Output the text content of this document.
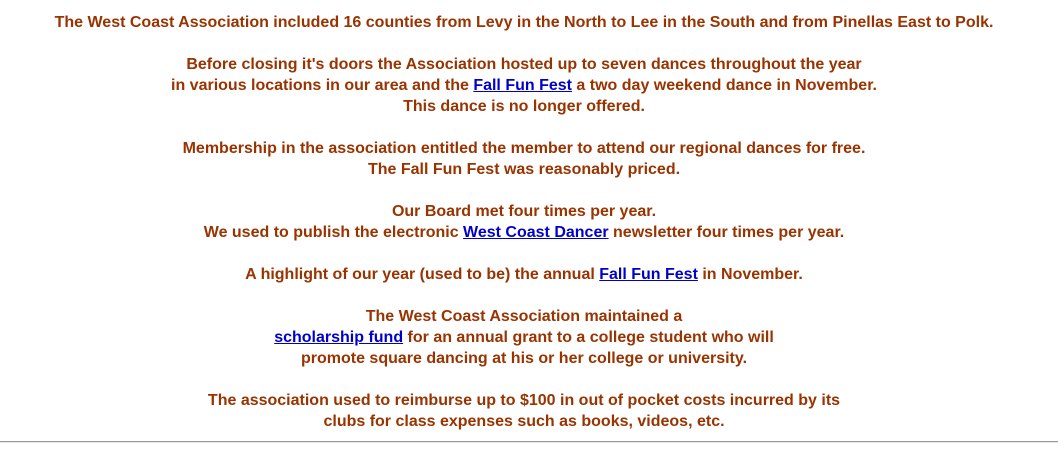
The West Coast Association included 16 counties from Levy in the North to Lee in the South and from Pinellas East to Polk.
Before closing it's doors the Association hosted up to seven dances throughout the year
in various locations in our area and the Fall Fun Fest a two day weekend dance in November.
This dance is no longer offered.
Membership in the association entitled the member to attend our regional dances for free.
The Fall Fun Fest was reasonably priced.
Our Board met four times per year.
We used to publish the electronic West Coast Dancer newsletter four times per year.
A highlight of our year (used to be) the annual Fall Fun Fest in November.
The West Coast Association maintained a
scholarship fund for an annual grant to a college student who will
promote square dancing at his or her college or university.
The association used to reimburse up to $100 in out of pocket costs incurred by its
clubs for class expenses such as books, videos, etc.
